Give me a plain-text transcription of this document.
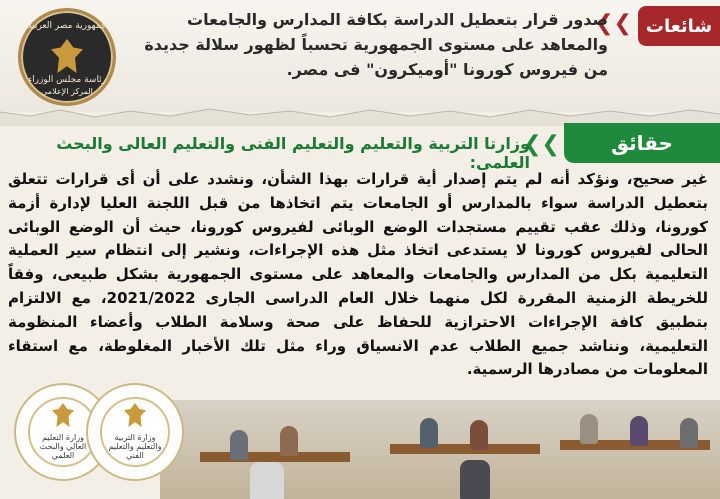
جمهورية مصر العربية
رئاسة مجلس الوزراء
المركز الإعلامي
شائعات
❮❮
صدور قرار بتعطيل الدراسة بكافة المدارس والجامعات والمعاهد على مستوى الجمهورية تحسباً لظهور سلالة جديدة من فيروس كورونا "أوميكرون" فى مصر.
حقائق
❮❮
وزارتا التربية والتعليم والتعليم الفنى والتعليم العالى والبحث العلمى:
غير صحيح، ونؤكد أنه لم يتم إصدار أية قرارات بهذا الشأن، ونشدد على أن أى قرارات تتعلق بتعطيل الدراسة سواء بالمدارس أو الجامعات يتم اتخاذها من قبل اللجنة العليا لإدارة أزمة كورونا، وذلك عقب تقييم مستجدات الوضع الوبائى لفيروس كورونا، حيث أن الوضع الوبائى الحالى لفيروس كورونا لا يستدعى اتخاذ مثل هذه الإجراءات، ونشير إلى انتظام سير العملية التعليمية بكل من المدارس والجامعات والمعاهد على مستوى الجمهورية بشكل طبيعى، وفقاً للخريطة الزمنية المقررة لكل منهما خلال العام الدراسى الجارى 2021/2022، مع الالتزام بتطبيق كافة الإجراءات الاحترازية للحفاظ على صحة وسلامة الطلاب وأعضاء المنظومة التعليمية، ونناشد جميع الطلاب عدم الانسياق وراء مثل تلك الأخبار المغلوطة، مع استقاء المعلومات من مصادرها الرسمية.
وزارة التعليم العالي والبحث العلمي
وزارة التربية والتعليم والتعليم الفني
